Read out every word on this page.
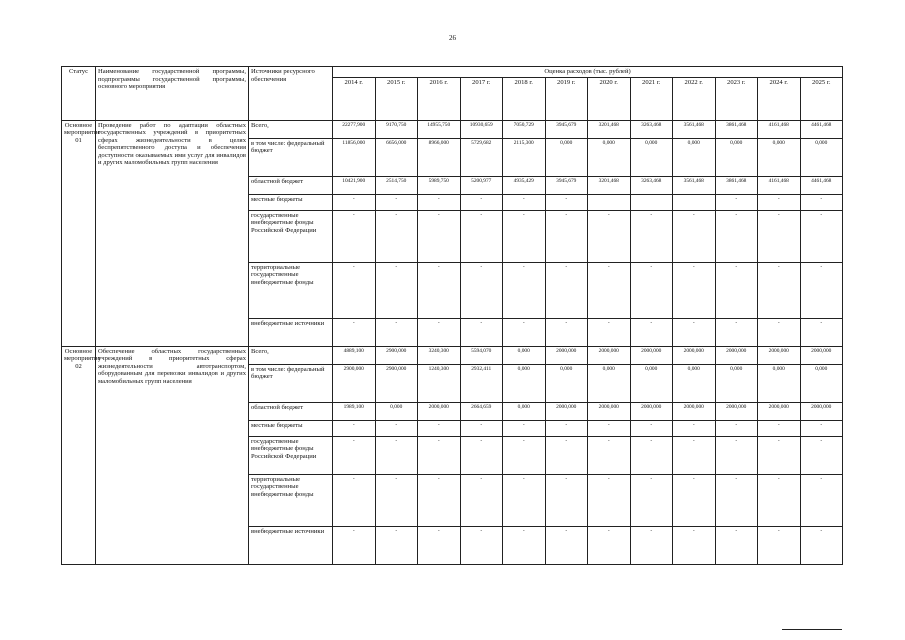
26
Статус	Наименование государственной программы, подпрограммы государственной программы, основного мероприятия	Источники ресурсного обеспечения	Оценка расходов (тыс. рублей)											
			2014 г.	2015 г.	2016 г.	2017 г.	2018 г.	2019 г.	2020 г.	2021 г.	2022 г.	2023 г.	2024 г.	2025 г.
Основное мероприятие 01	Проведение работ по адаптации областных государственных учреждений в приоритетных сферах жизнедеятельности в целях беспрепятственного доступа и обеспечения доступности оказываемых ими услуг для инвалидов и других маломобильных групп населения	Всего,	22277,900	9170,750	14955,750	10930,659	7050,729	3945,679	3201,468	3263,468	3561,468	3861,468	4161,468	4461,468
		в том числе: федеральный бюджет	11856,000	6656,000	8966,000	5729,682	2115,300	0,000	0,000	0,000	0,000	0,000	0,000	0,000
		областной бюджет	10421,900	2514,750	5989,750	5200,977	4935,429	3945,679	3201,468	3263,468	3561,468	3861,468	4161,468	4461,468
		местные бюджеты	-	-	-	-	-	-				-	-	-
		государственные внебюджетные фонды Российской Федерации	-	-	-	-	-	-	-	-	-	-	-	-
		территориальные государственные внебюджетные фонды	-	-	-	-	-	-	-	-	-	-	-	-
		внебюджетные источники	-	-	-	-	-	-	-	-	-	-	-	-
Основное мероприятие 02	Обеспечение областных государственных учреждений в приоритетных сферах жизнедеятельности автотранспортом, оборудованным для перевозки инвалидов и других маломобильных групп населения	Всего,	4889,100	2900,000	3240,300	5594,070	0,000	2000,000	2000,000	2000,000	2000,000	2000,000	2000,000	2000,000
		в том числе: федеральный бюджет	2900,000	2900,000	1240,300	2932,411	0,000	0,000	0,000	0,000	0,000	0,000	0,000	0,000
		областной бюджет	1989,100	0,000	2000,000	2664,659	0,000	2000,000	2000,000	2000,000	2000,000	2000,000	2000,000	2000,000
		местные бюджеты	-	-	-	-	-	-	-	-	-	-	-	-
		государственные внебюджетные фонды Российской Федерации	-	-	-	-	-	-	-	-	-	-	-	-
		территориальные государственные внебюджетные фонды	-	-	-	-	-	-	-	-	-	-	-	-
		внебюджетные источники	-	-	-	-	-	-	-	-	-	-	-	-
